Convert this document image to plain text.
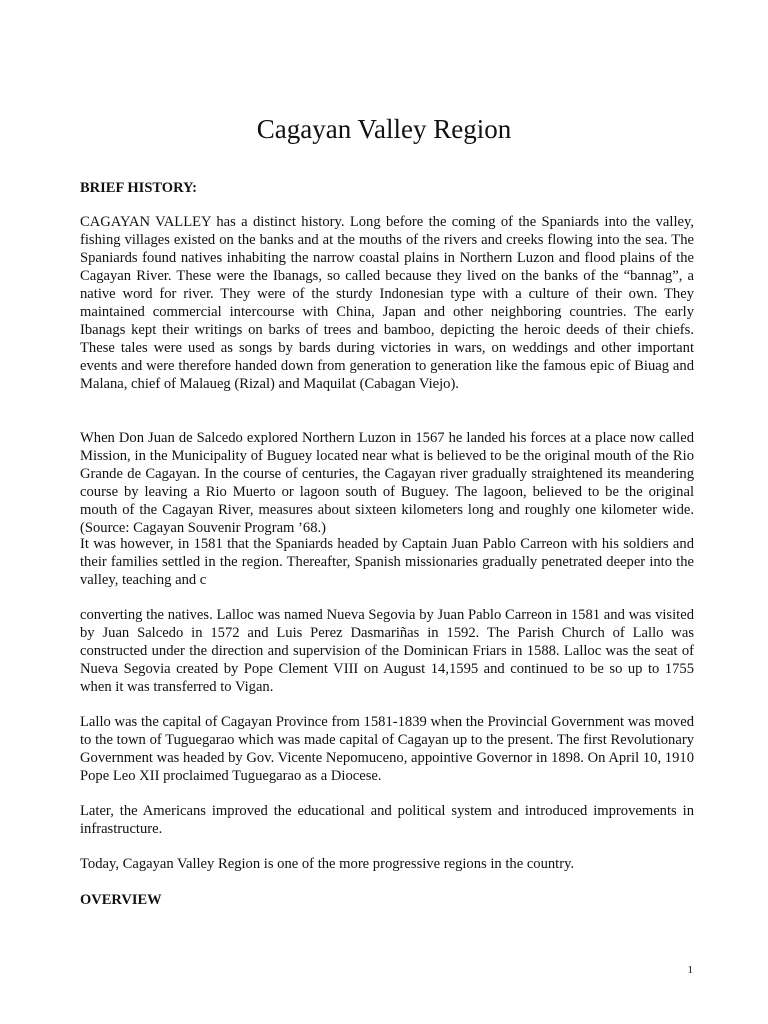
Cagayan Valley Region
BRIEF HISTORY:

CAGAYAN VALLEY has a distinct history. Long before the coming of the Spaniards into the valley, fishing villages existed on the banks and at the mouths of the rivers and creeks flowing into the sea. The Spaniards found natives inhabiting the narrow coastal plains in Northern Luzon and flood plains of the Cagayan River. These were the Ibanags, so called because they lived on the banks of the “bannag”, a native word for river. They were of the sturdy Indonesian type with a culture of their own. They maintained commercial intercourse with China, Japan and other neighboring countries. The early Ibanags kept their writings on barks of trees and bamboo, depicting the heroic deeds of their chiefs. These tales were used as songs by bards during victories in wars, on weddings and other important events and were therefore handed down from generation to generation like the famous epic of Biuag and Malana, chief of Malaueg (Rizal) and Maquilat (Cabagan Viejo).

When Don Juan de Salcedo explored Northern Luzon in 1567 he landed his forces at a place now called Mission, in the Municipality of Buguey located near what is believed to be the original mouth of the Rio Grande de Cagayan. In the course of centuries, the Cagayan river gradually straightened its meandering course by leaving a Rio Muerto or lagoon south of Buguey. The lagoon, believed to be the original mouth of the Cagayan River, measures about sixteen kilometers long and roughly one kilometer wide. (Source: Cagayan Souvenir Program ’68.)

It was however, in 1581 that the Spaniards headed by Captain Juan Pablo Carreon with his soldiers and their families settled in the region. Thereafter, Spanish missionaries gradually penetrated deeper into the valley, teaching and c

converting the natives. Lalloc was named Nueva Segovia by Juan Pablo Carreon in 1581 and was visited by Juan Salcedo in 1572 and Luis Perez Dasmariñas in 1592. The Parish Church of Lallo was constructed under the direction and supervision of the Dominican Friars in 1588. Lalloc was the seat of Nueva Segovia created by Pope Clement VIII on August 14,1595 and continued to be so up to 1755 when it was transferred to Vigan.

Lallo was the capital of Cagayan Province from 1581-1839 when the Provincial Government was moved to the town of Tuguegarao which was made capital of Cagayan up to the present. The first Revolutionary Government was headed by Gov. Vicente Nepomuceno, appointive Governor in 1898. On April 10, 1910 Pope Leo XII proclaimed Tuguegarao as a Diocese.

Later, the Americans improved the educational and political system and introduced improvements in infrastructure.

Today, Cagayan Valley Region is one of the more progressive regions in the country.

OVERVIEW
1
